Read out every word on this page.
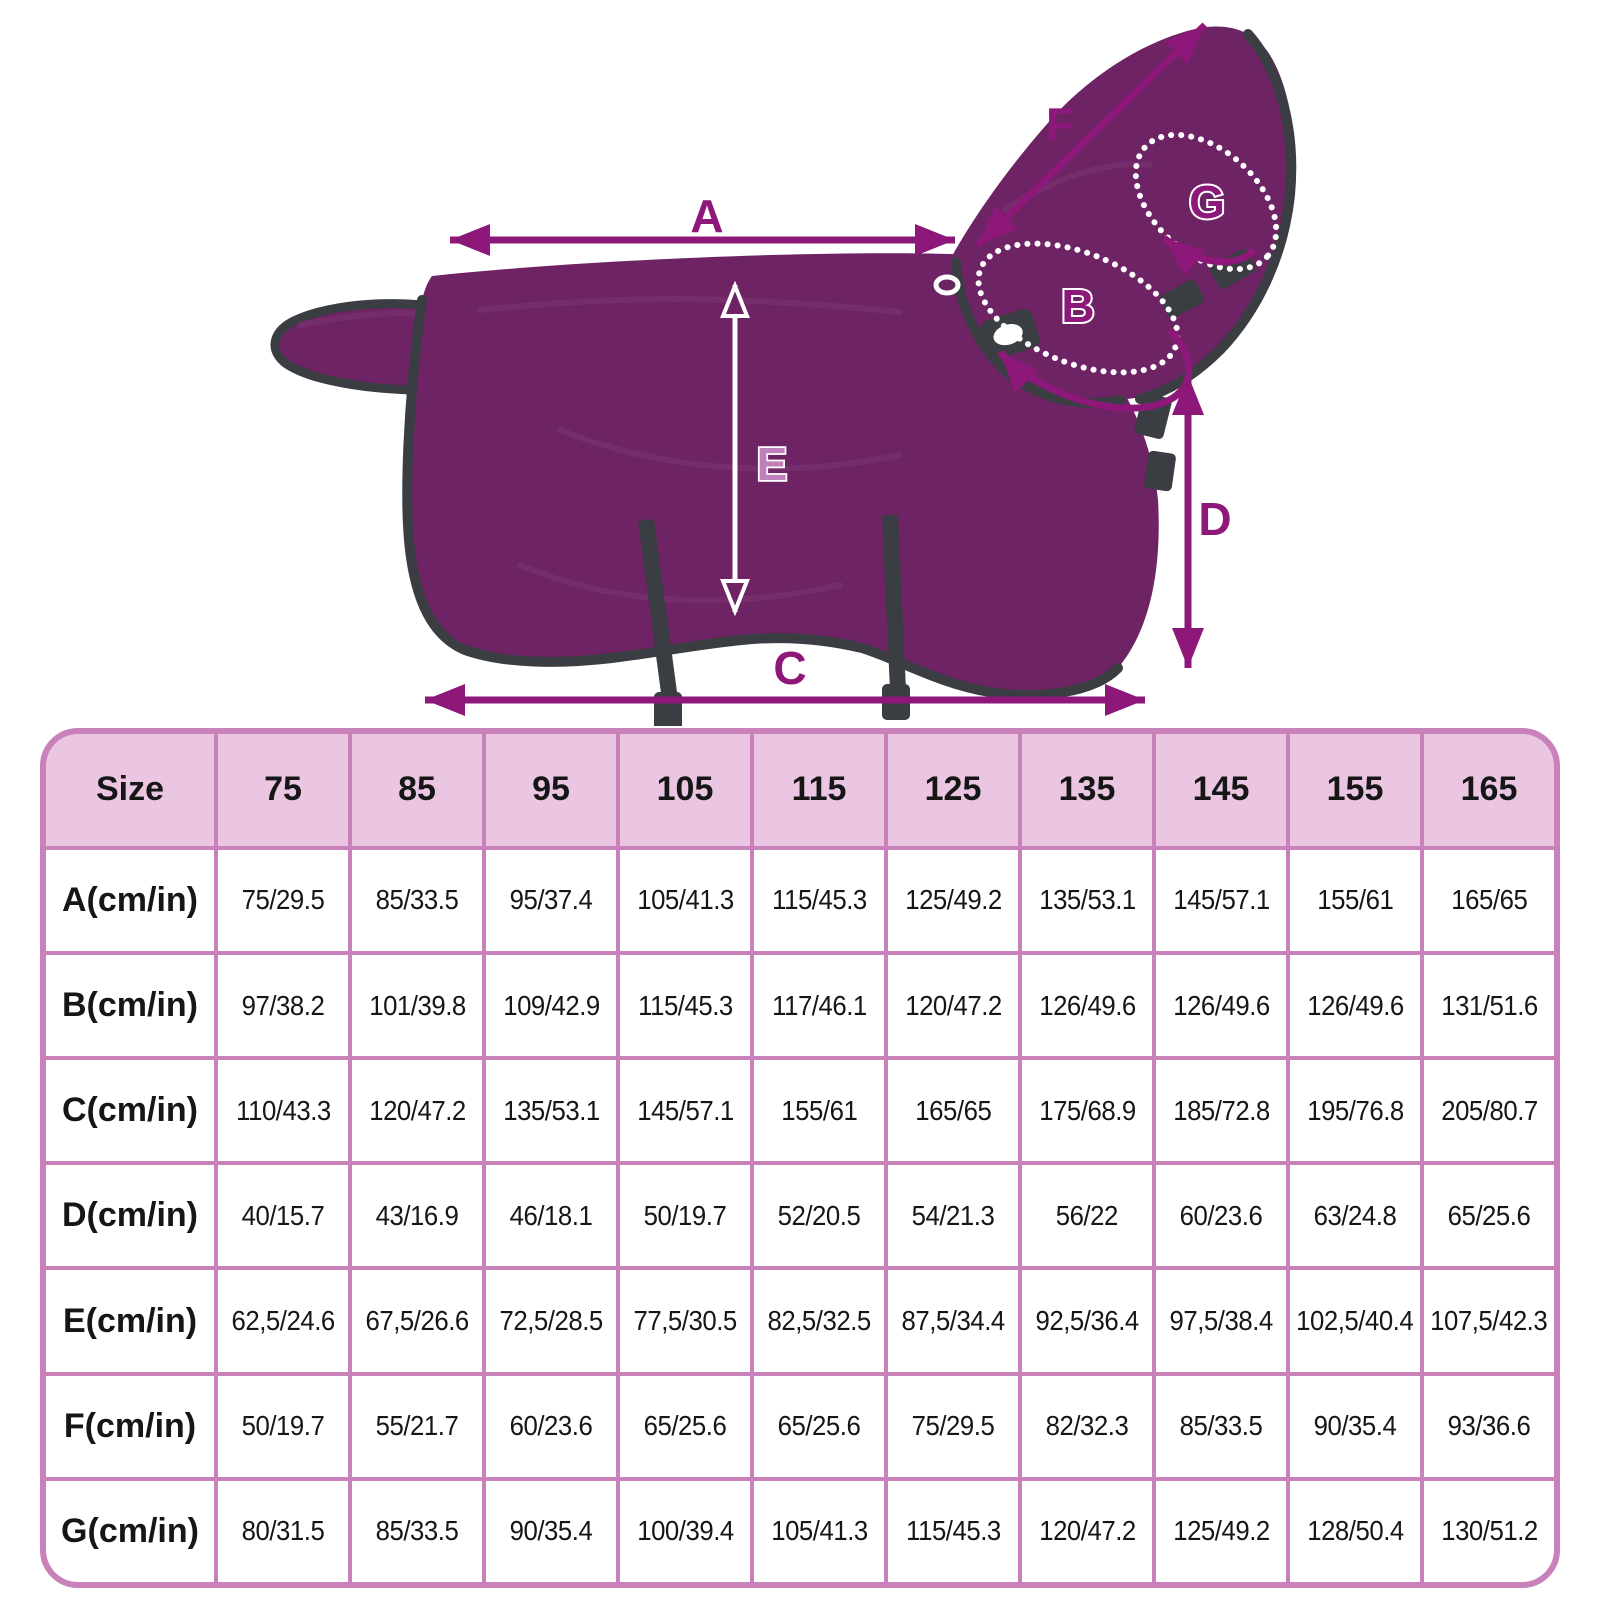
A
F
C
D
E
B
G
Size	75	85	95	105	115	125	135	145	155	165
A(cm/in)	75/29.5 85/33.5 95/37.4 105/41.3 115/45.3 125/49.2 135/53.1 145/57.1 155/61 165/65
B(cm/in)	97/38.2 101/39.8 109/42.9 115/45.3 117/46.1 120/47.2 126/49.6 126/49.6 126/49.6 131/51.6
C(cm/in)	110/43.3 120/47.2 135/53.1 145/57.1 155/61 165/65 175/68.9 185/72.8 195/76.8 205/80.7
D(cm/in)	40/15.7 43/16.9 46/18.1 50/19.7 52/20.5 54/21.3 56/22 60/23.6 63/24.8 65/25.6
E(cm/in)	62,5/24.6 67,5/26.6 72,5/28.5 77,5/30.5 82,5/32.5 87,5/34.4 92,5/36.4 97,5/38.4 102,5/40.4 107,5/42.3
F(cm/in)	50/19.7 55/21.7 60/23.6 65/25.6 65/25.6 75/29.5 82/32.3 85/33.5 90/35.4 93/36.6
G(cm/in)	80/31.5 85/33.5 90/35.4 100/39.4 105/41.3 115/45.3 120/47.2 125/49.2 128/50.4 130/51.2
